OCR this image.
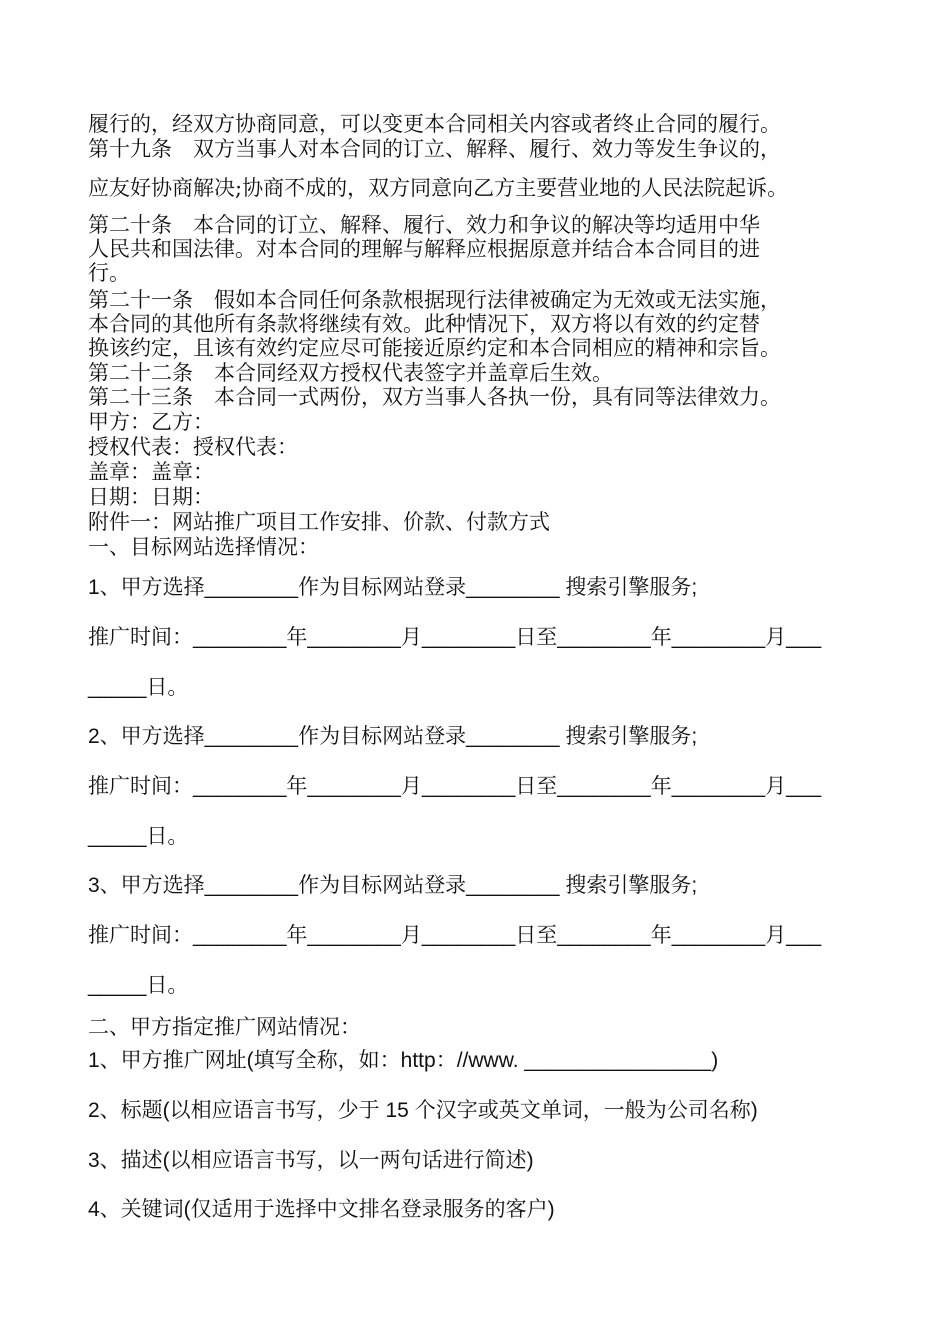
履行的，经双方协商同意，可以变更本合同相关内容或者终止合同的履行。

第十九条　双方当事人对本合同的订立、解释、履行、效力等发生争议的，

应友好协商解决;协商不成的，双方同意向乙方主要营业地的人民法院起诉。

第二十条　本合同的订立、解释、履行、效力和争议的解决等均适用中华

人民共和国法律。对本合同的理解与解释应根据原意并结合本合同目的进

行。

第二十一条　假如本合同任何条款根据现行法律被确定为无效或无法实施，

本合同的其他所有条款将继续有效。此种情况下，双方将以有效的约定替

换该约定，且该有效约定应尽可能接近原约定和本合同相应的精神和宗旨。

第二十二条　本合同经双方授权代表签字并盖章后生效。

第二十三条　本合同一式两份，双方当事人各执一份，具有同等法律效力。

甲方：乙方：

授权代表：授权代表：

盖章：盖章：

日期：日期：

附件一：网站推广项目工作安排、价款、付款方式

一、目标网站选择情况：

1、甲方选择________作为目标网站登录________ 搜索引擎服务;

推广时间：________年________月________日至________年________月___

_____日。

2、甲方选择________作为目标网站登录________ 搜索引擎服务;

推广时间：________年________月________日至________年________月___

_____日。

3、甲方选择________作为目标网站登录________ 搜索引擎服务;

推广时间：________年________月________日至________年________月___

_____日。

二、甲方指定推广网站情况：

1、甲方推广网址(填写全称，如：http：//www. ________________)

2、标题(以相应语言书写，少于 15 个汉字或英文单词，一般为公司名称)

3、描述(以相应语言书写，以一两句话进行简述)

4、关键词(仅适用于选择中文排名登录服务的客户)
